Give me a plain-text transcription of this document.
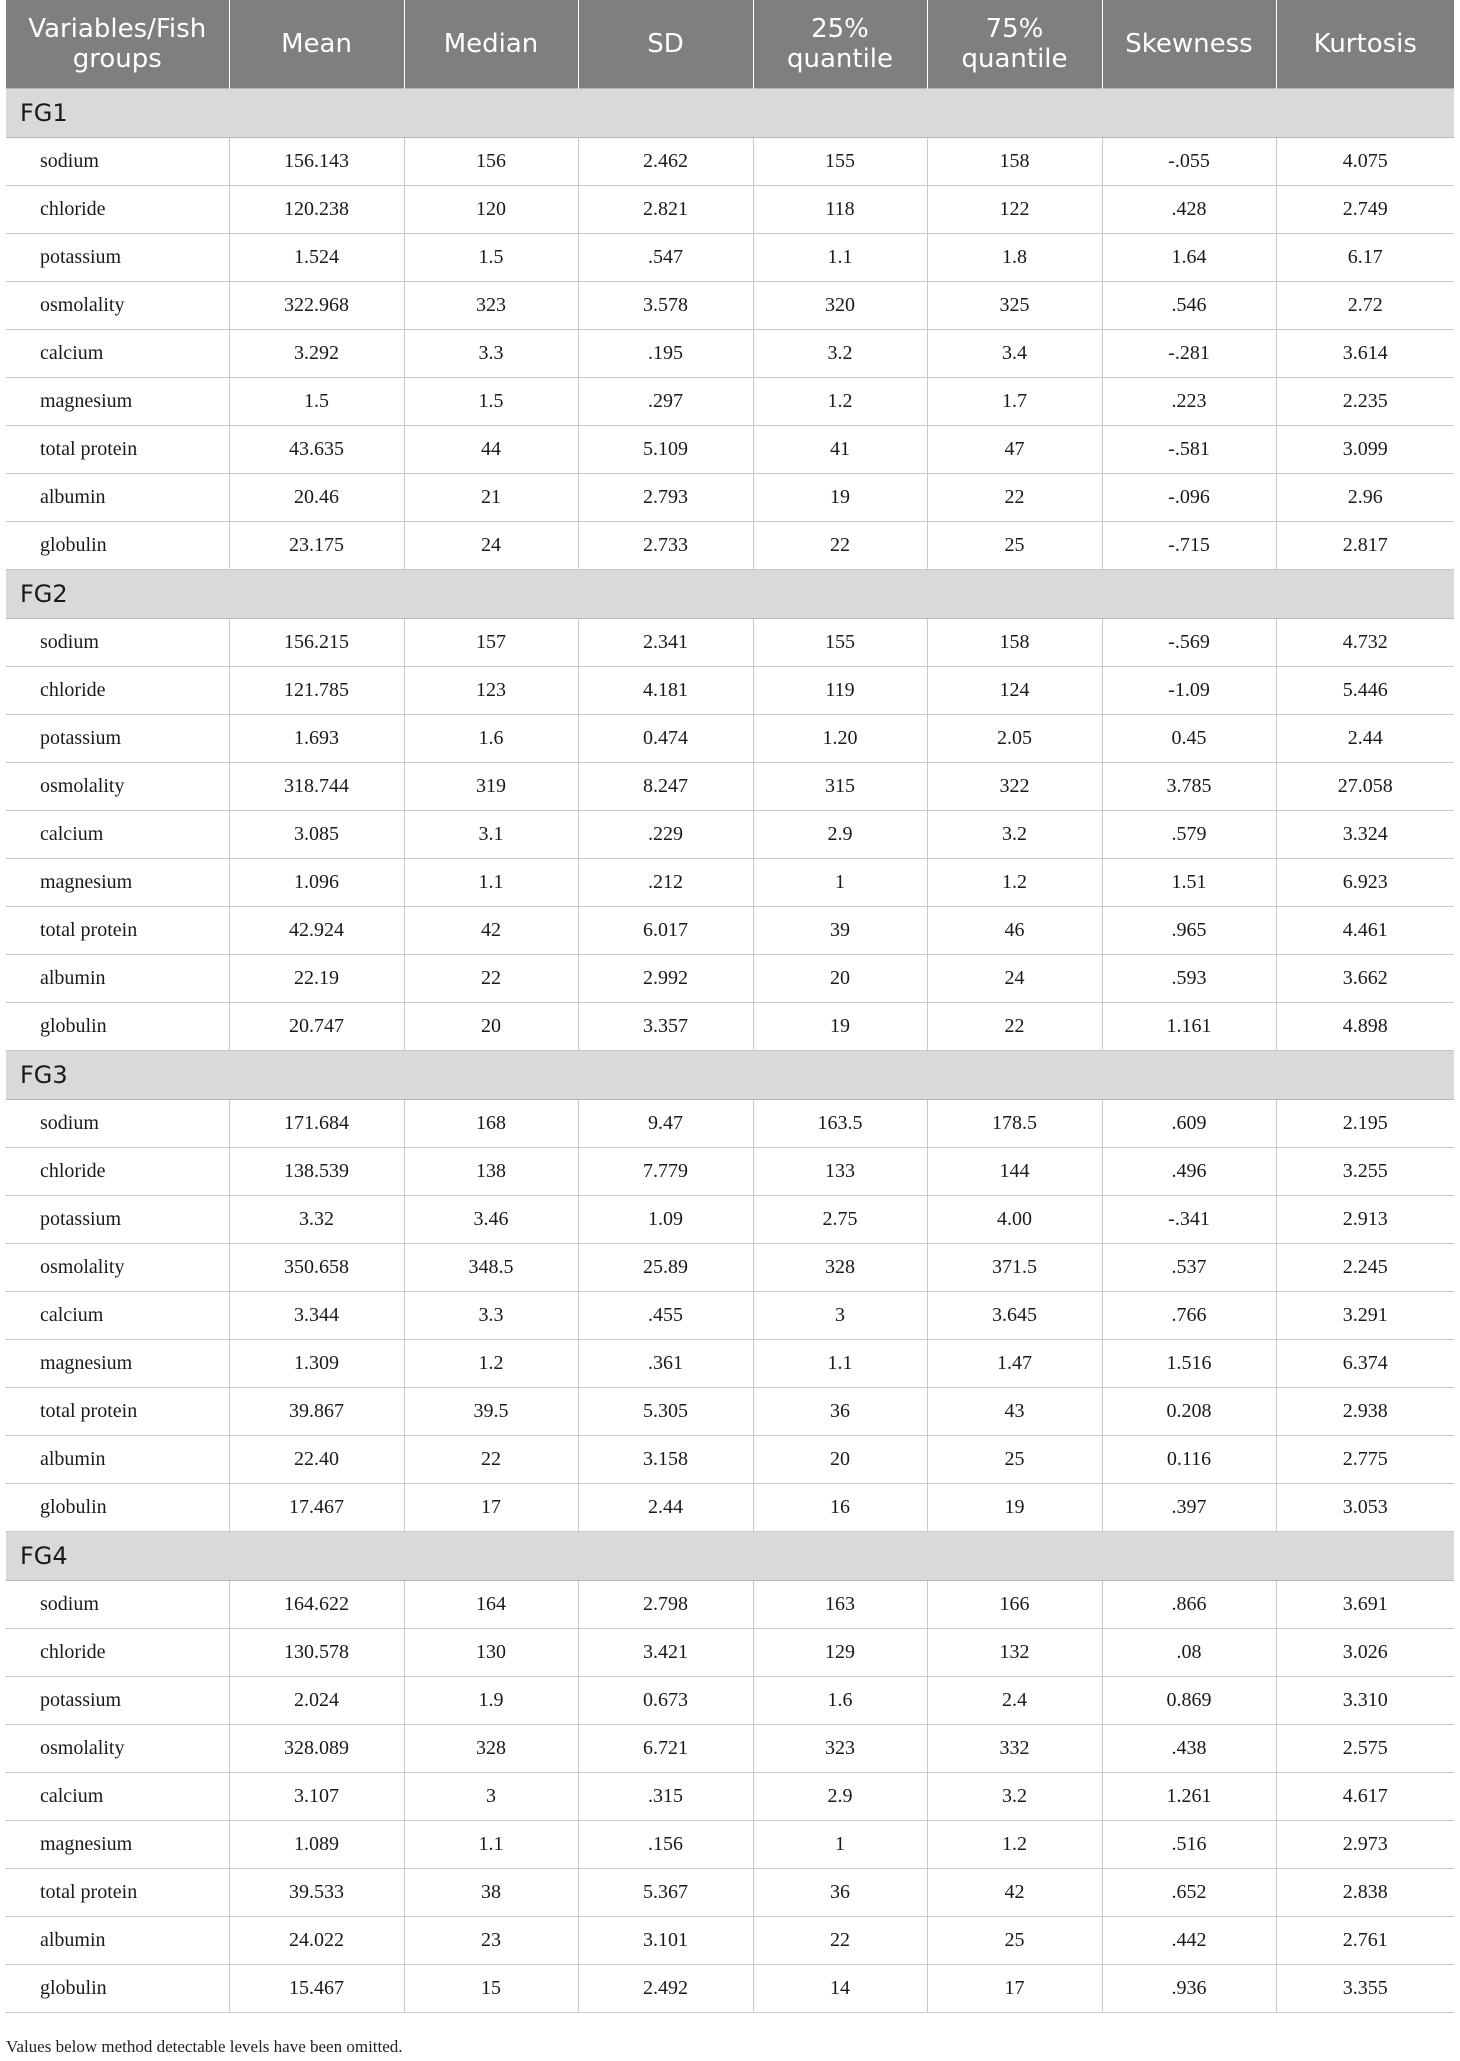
Variables/Fish groups	Mean	Median	SD	25% quantile	75% quantile	Skewness	Kurtosis
FG1							
sodium	156.143	156	2.462	155	158	-.055	4.075
chloride	120.238	120	2.821	118	122	.428	2.749
potassium	1.524	1.5	.547	1.1	1.8	1.64	6.17
osmolality	322.968	323	3.578	320	325	.546	2.72
calcium	3.292	3.3	.195	3.2	3.4	-.281	3.614
magnesium	1.5	1.5	.297	1.2	1.7	.223	2.235
total protein	43.635	44	5.109	41	47	-.581	3.099
albumin	20.46	21	2.793	19	22	-.096	2.96
globulin	23.175	24	2.733	22	25	-.715	2.817
FG2							
sodium	156.215	157	2.341	155	158	-.569	4.732
chloride	121.785	123	4.181	119	124	-1.09	5.446
potassium	1.693	1.6	0.474	1.20	2.05	0.45	2.44
osmolality	318.744	319	8.247	315	322	3.785	27.058
calcium	3.085	3.1	.229	2.9	3.2	.579	3.324
magnesium	1.096	1.1	.212	1	1.2	1.51	6.923
total protein	42.924	42	6.017	39	46	.965	4.461
albumin	22.19	22	2.992	20	24	.593	3.662
globulin	20.747	20	3.357	19	22	1.161	4.898
FG3							
sodium	171.684	168	9.47	163.5	178.5	.609	2.195
chloride	138.539	138	7.779	133	144	.496	3.255
potassium	3.32	3.46	1.09	2.75	4.00	-.341	2.913
osmolality	350.658	348.5	25.89	328	371.5	.537	2.245
calcium	3.344	3.3	.455	3	3.645	.766	3.291
magnesium	1.309	1.2	.361	1.1	1.47	1.516	6.374
total protein	39.867	39.5	5.305	36	43	0.208	2.938
albumin	22.40	22	3.158	20	25	0.116	2.775
globulin	17.467	17	2.44	16	19	.397	3.053
FG4							
sodium	164.622	164	2.798	163	166	.866	3.691
chloride	130.578	130	3.421	129	132	.08	3.026
potassium	2.024	1.9	0.673	1.6	2.4	0.869	3.310
osmolality	328.089	328	6.721	323	332	.438	2.575
calcium	3.107	3	.315	2.9	3.2	1.261	4.617
magnesium	1.089	1.1	.156	1	1.2	.516	2.973
total protein	39.533	38	5.367	36	42	.652	2.838
albumin	24.022	23	3.101	22	25	.442	2.761
globulin	15.467	15	2.492	14	17	.936	3.355

Values below method detectable levels have been omitted.
